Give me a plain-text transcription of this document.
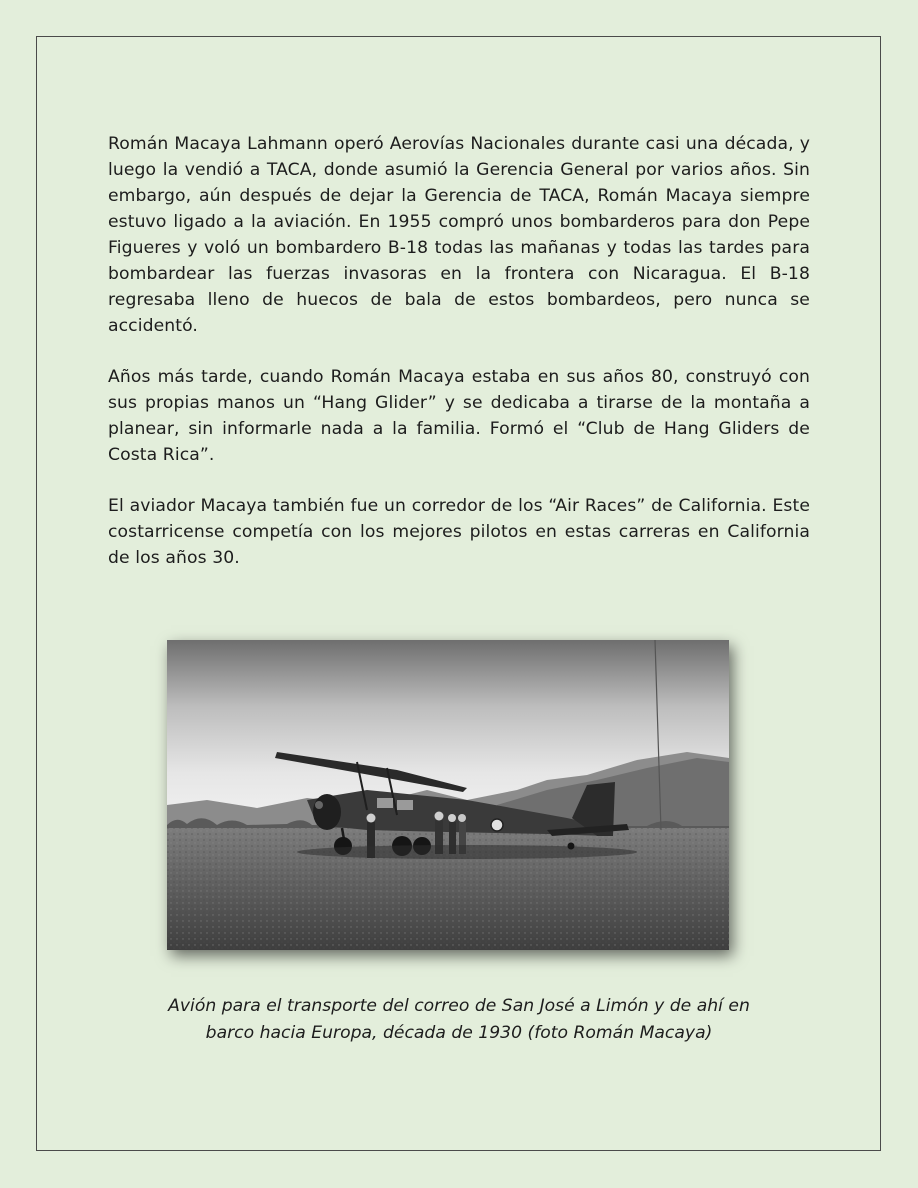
Román Macaya Lahmann operó Aerovías Nacionales durante casi una década, y luego la vendió a TACA, donde asumió la Gerencia General por varios años. Sin embargo, aún después de dejar la Gerencia de TACA, Román Macaya siempre estuvo ligado a la aviación. En 1955 compró unos bombarderos para don Pepe Figueres y voló un bombardero B-18 todas las mañanas y todas las tardes para bombardear las fuerzas invasoras en la frontera con Nicaragua. El B-18 regresaba lleno de huecos de bala de estos bombardeos, pero nunca se accidentó.

Años más tarde, cuando Román Macaya estaba en sus años 80, construyó con sus propias manos un “Hang Glider” y se dedicaba a tirarse de la montaña a planear, sin informarle nada a la familia. Formó el “Club de Hang Gliders de Costa Rica”.

El aviador Macaya también fue un corredor de los “Air Races” de California. Este costarricense competía con los mejores pilotos en estas carreras en California de los años 30.

Avión para el transporte del correo de San José a Limón y de ahí en
barco hacia Europa, década de 1930 (foto Román Macaya)
